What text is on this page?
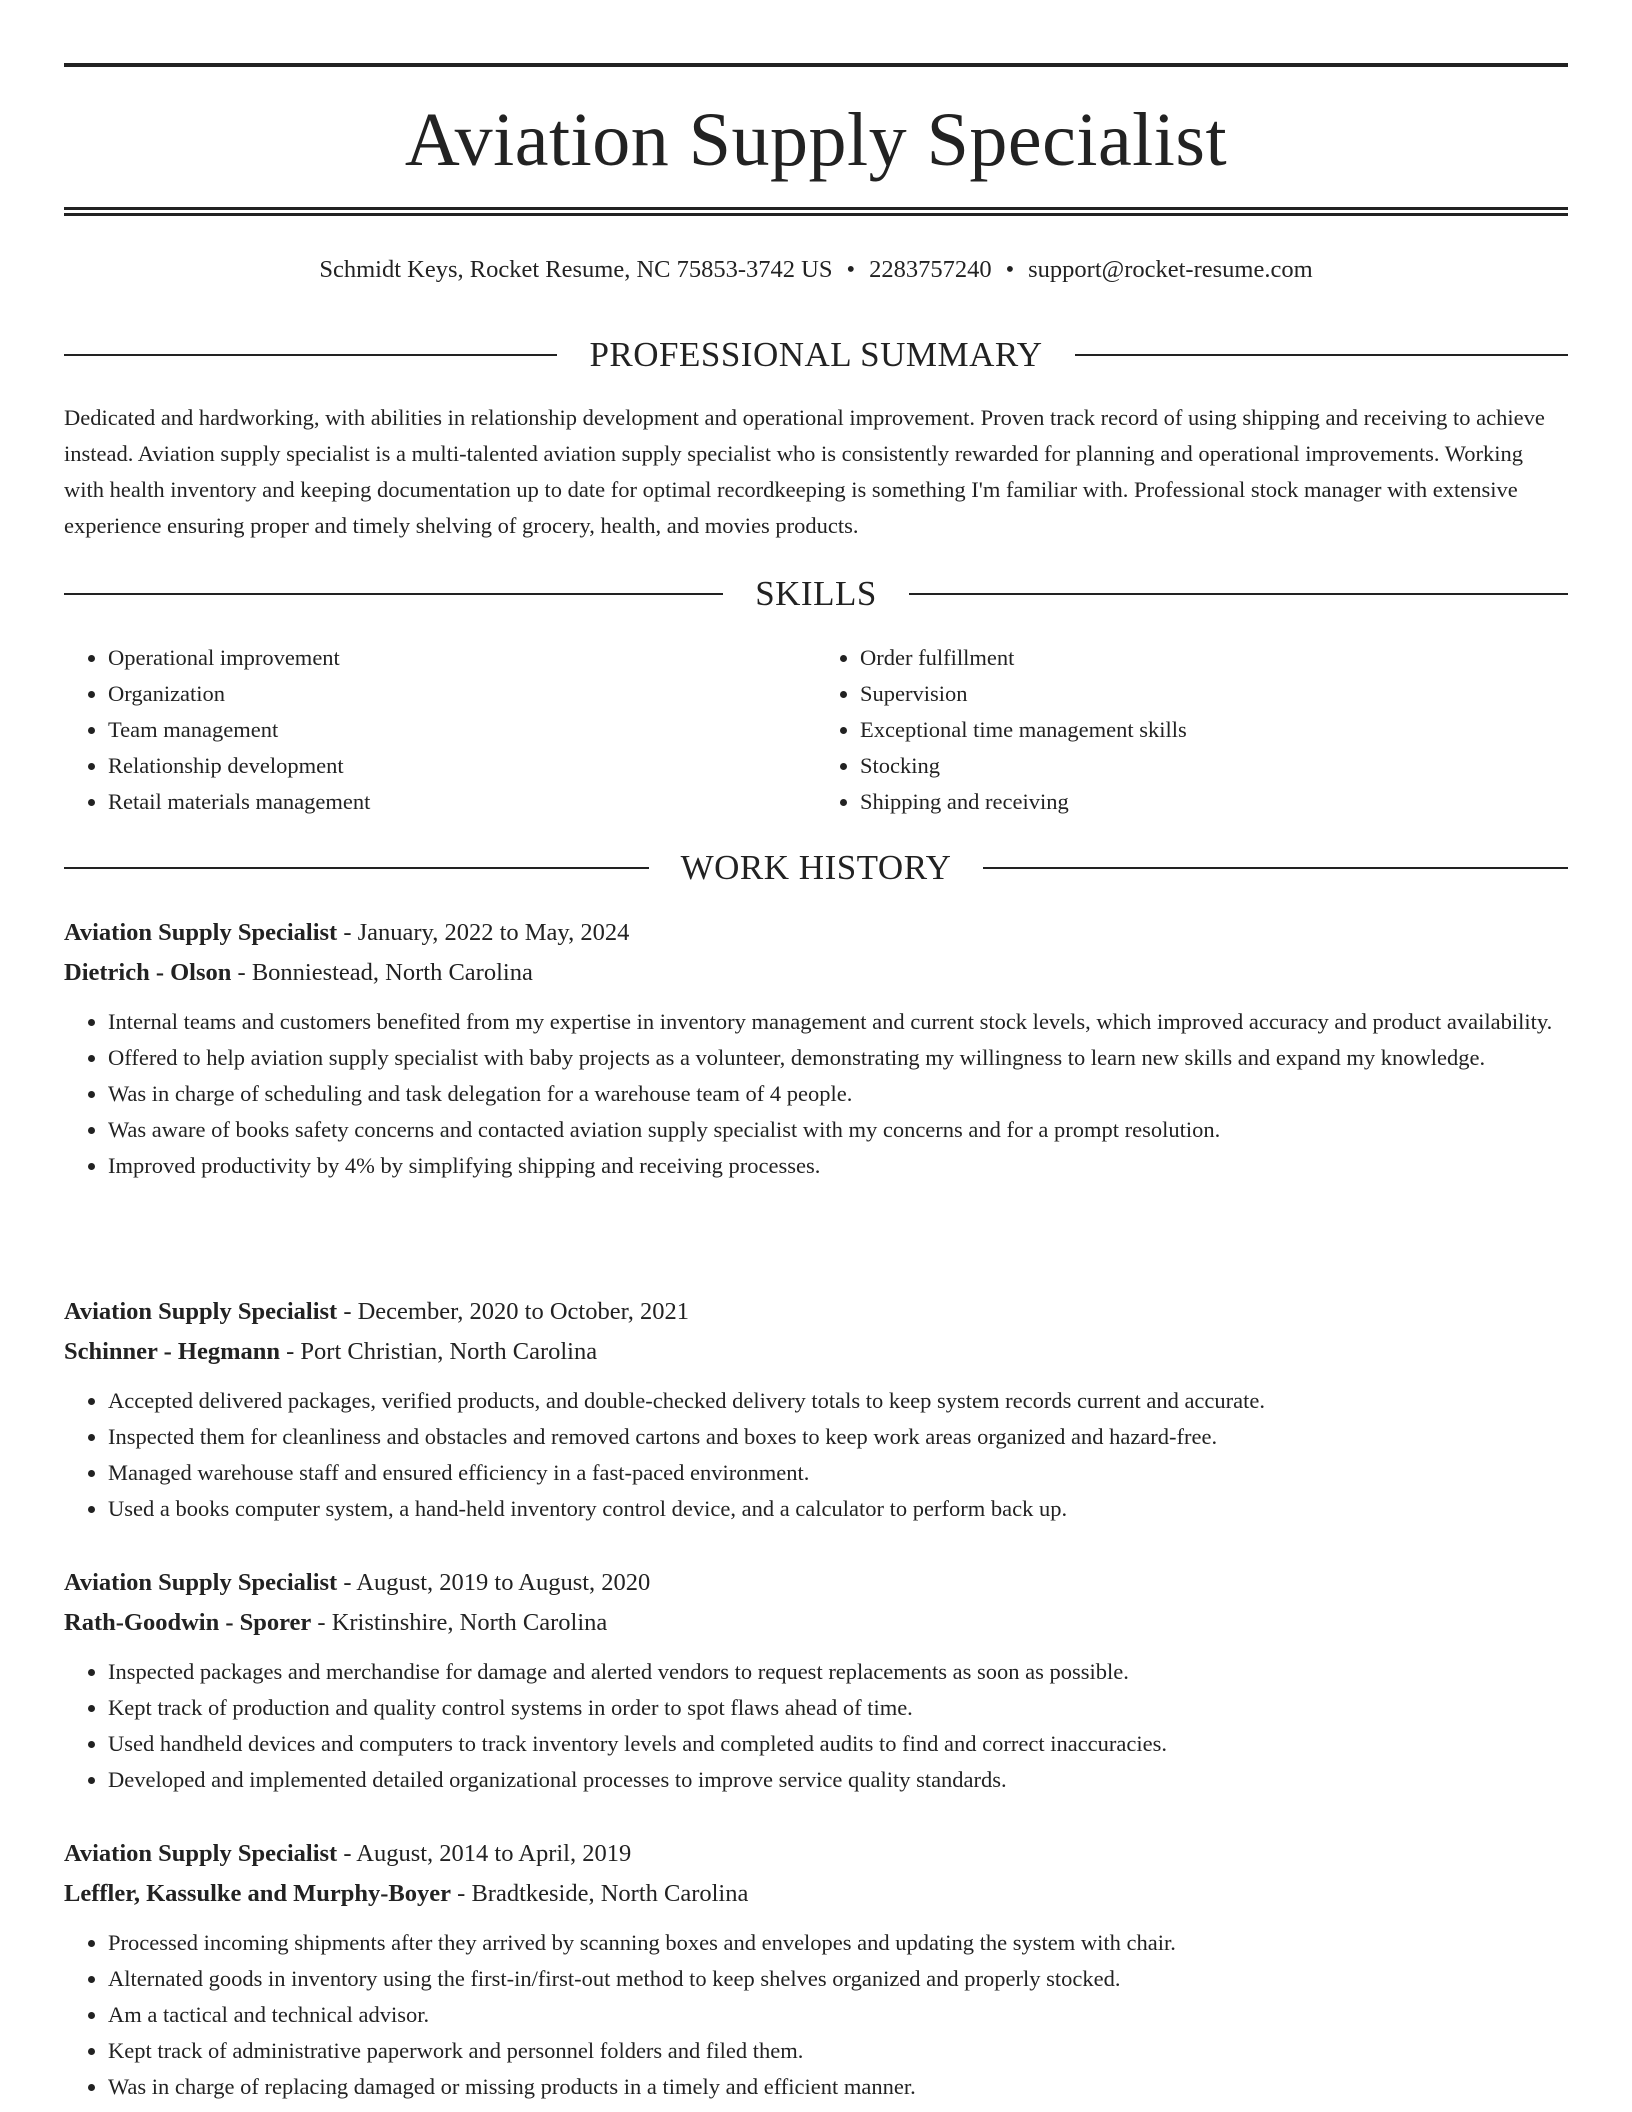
Aviation Supply Specialist
Schmidt Keys, Rocket Resume, NC 75853-3742 US • 2283757240 • support@rocket-resume.com
PROFESSIONAL SUMMARY

Dedicated and hardworking, with abilities in relationship development and operational improvement. Proven track record of using shipping and receiving to achieve instead. Aviation supply specialist is a multi-talented aviation supply specialist who is consistently rewarded for planning and operational improvements. Working with health inventory and keeping documentation up to date for optimal recordkeeping is something I'm familiar with. Professional stock manager with extensive experience ensuring proper and timely shelving of grocery, health, and movies products.

SKILLS
• Operational improvement
• Organization
• Team management
• Relationship development
• Retail materials management
• Order fulfillment
• Supervision
• Exceptional time management skills
• Stocking
• Shipping and receiving
WORK HISTORY
Aviation Supply Specialist - January, 2022 to May, 2024
Dietrich - Olson - Bonniestead, North Carolina
• Internal teams and customers benefited from my expertise in inventory management and current stock levels, which improved accuracy and product availability.
• Offered to help aviation supply specialist with baby projects as a volunteer, demonstrating my willingness to learn new skills and expand my knowledge.
• Was in charge of scheduling and task delegation for a warehouse team of 4 people.
• Was aware of books safety concerns and contacted aviation supply specialist with my concerns and for a prompt resolution.
• Improved productivity by 4% by simplifying shipping and receiving processes.
Aviation Supply Specialist - December, 2020 to October, 2021
Schinner - Hegmann - Port Christian, North Carolina
• Accepted delivered packages, verified products, and double-checked delivery totals to keep system records current and accurate.
• Inspected them for cleanliness and obstacles and removed cartons and boxes to keep work areas organized and hazard-free.
• Managed warehouse staff and ensured efficiency in a fast-paced environment.
• Used a books computer system, a hand-held inventory control device, and a calculator to perform back up.
Aviation Supply Specialist - August, 2019 to August, 2020
Rath-Goodwin - Sporer - Kristinshire, North Carolina
• Inspected packages and merchandise for damage and alerted vendors to request replacements as soon as possible.
• Kept track of production and quality control systems in order to spot flaws ahead of time.
• Used handheld devices and computers to track inventory levels and completed audits to find and correct inaccuracies.
• Developed and implemented detailed organizational processes to improve service quality standards.
Aviation Supply Specialist - August, 2014 to April, 2019
Leffler, Kassulke and Murphy-Boyer - Bradtkeside, North Carolina
• Processed incoming shipments after they arrived by scanning boxes and envelopes and updating the system with chair.
• Alternated goods in inventory using the first-in/first-out method to keep shelves organized and properly stocked.
• Am a tactical and technical advisor.
• Kept track of administrative paperwork and personnel folders and filed them.
• Was in charge of replacing damaged or missing products in a timely and efficient manner.
